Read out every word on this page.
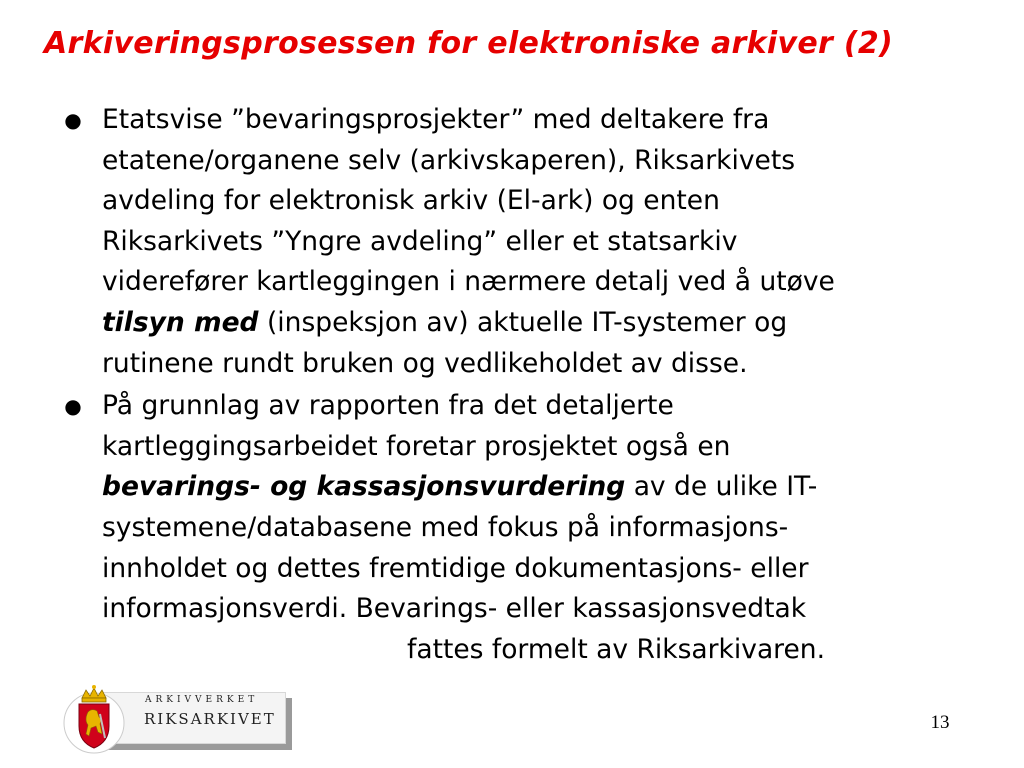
Arkiveringsprosessen for elektroniske arkiver (2)
● Etatsvise ”bevaringsprosjekter” med deltakere fra
etatene/organene selv (arkivskaperen), Riksarkivets
avdeling for elektronisk arkiv (El-ark) og enten
Riksarkivets ”Yngre avdeling” eller et statsarkiv
viderefører kartleggingen i nærmere detalj ved å utøve
tilsyn med (inspeksjon av) aktuelle IT-systemer og
rutinene rundt bruken og vedlikeholdet av disse.
● På grunnlag av rapporten fra det detaljerte
kartleggingsarbeidet foretar prosjektet også en
bevarings- og kassasjonsvurdering av de ulike IT-
systemene/databasene med fokus på informasjons-
innholdet og dettes fremtidige dokumentasjons- eller
informasjonsverdi. Bevarings- eller kassasjonsvedtak
fattes formelt av Riksarkivaren.
ARKIVVERKET
RIKSARKIVET	13
